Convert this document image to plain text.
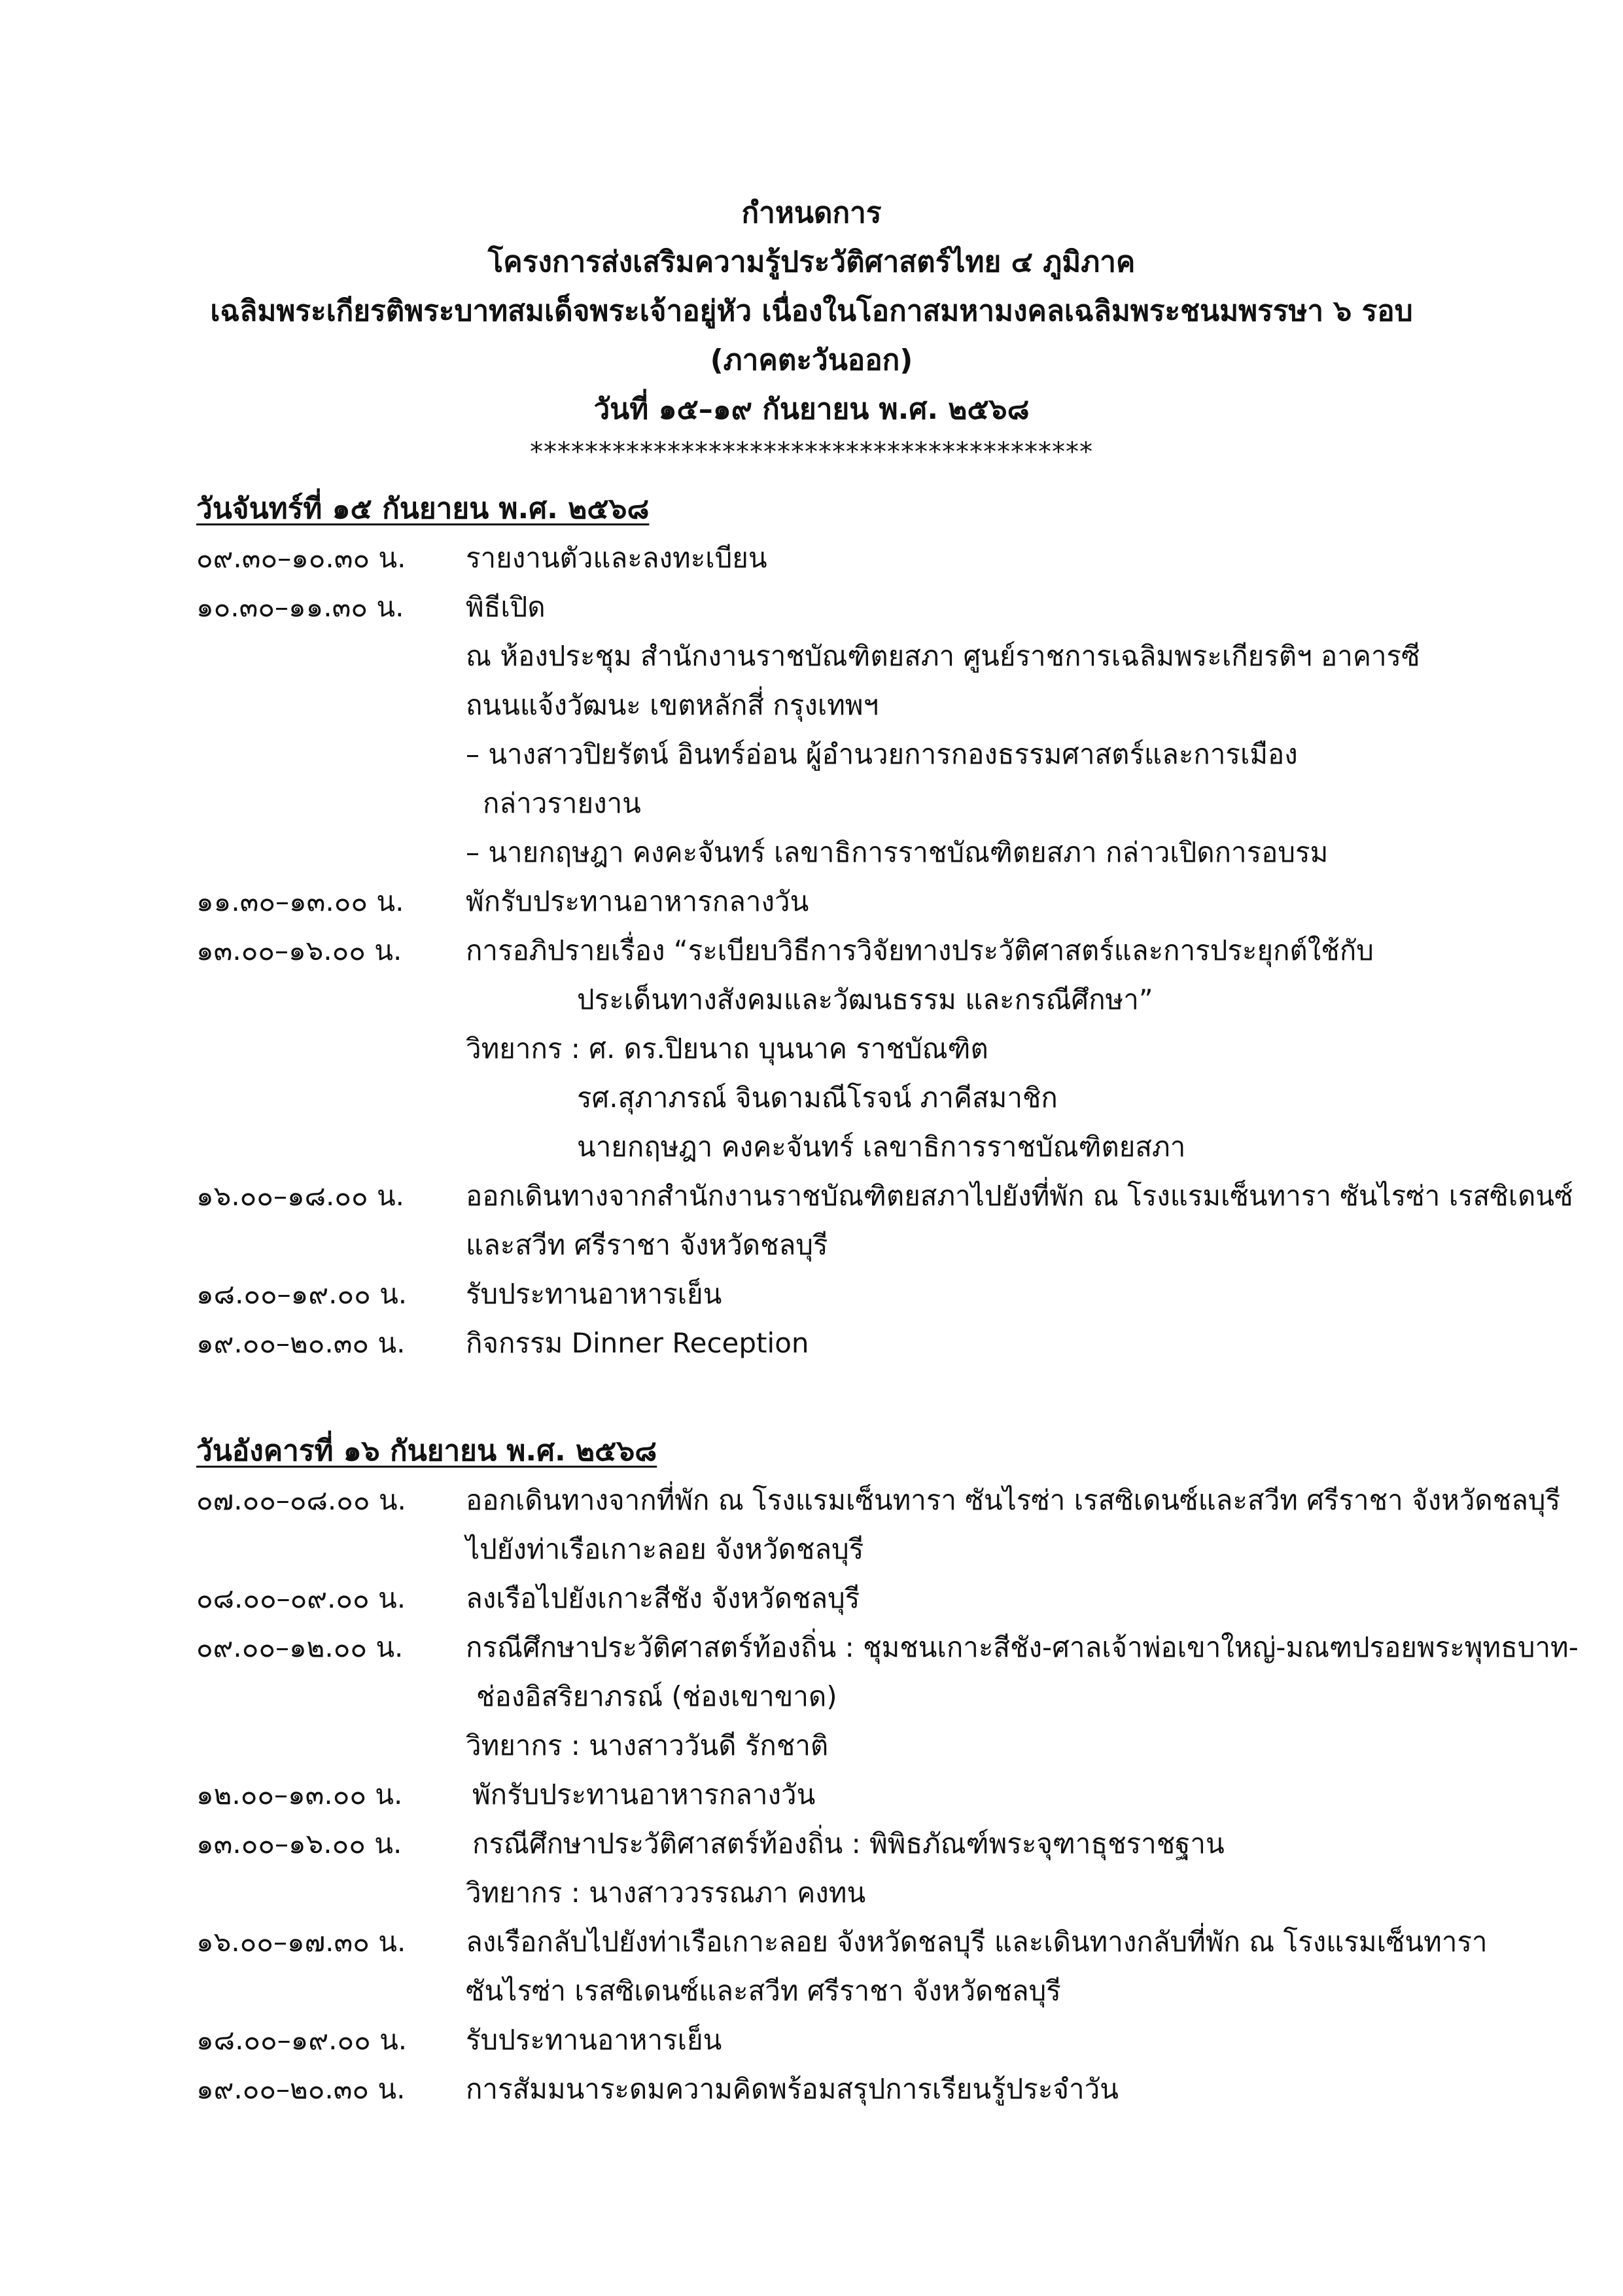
กำหนดการ
โครงการส่งเสริมความรู้ประวัติศาสตร์ไทย ๔ ภูมิภาค
เฉลิมพระเกียรติพระบาทสมเด็จพระเจ้าอยู่หัว เนื่องในโอกาสมหามงคลเฉลิมพระชนมพรรษา ๖ รอบ
(ภาคตะวันออก)
วันที่ ๑๕–๑๙ กันยายน พ.ศ. ๒๕๖๘
*****************************************
วันจันทร์ที่ ๑๕ กันยายน พ.ศ. ๒๕๖๘
๐๙.๓๐–๑๐.๓๐ น.	รายงานตัวและลงทะเบียน
๑๐.๓๐–๑๑.๓๐ น.	พิธีเปิด
ณ ห้องประชุม สำนักงานราชบัณฑิตยสภา ศูนย์ราชการเฉลิมพระเกียรติฯ อาคารซี
ถนนแจ้งวัฒนะ เขตหลักสี่ กรุงเทพฯ
– นางสาวปิยรัตน์ อินทร์อ่อน ผู้อำนวยการกองธรรมศาสตร์และการเมือง
กล่าวรายงาน
– นายกฤษฎา คงคะจันทร์ เลขาธิการราชบัณฑิตยสภา กล่าวเปิดการอบรม
๑๑.๓๐–๑๓.๐๐ น.	พักรับประทานอาหารกลางวัน
๑๓.๐๐–๑๖.๐๐ น.	การอภิปรายเรื่อง “ระเบียบวิธีการวิจัยทางประวัติศาสตร์และการประยุกต์ใช้กับ
ประเด็นทางสังคมและวัฒนธรรม และกรณีศึกษา”
วิทยากร : ศ. ดร.ปิยนาถ บุนนาค ราชบัณฑิต
รศ.สุภาภรณ์ จินดามณีโรจน์ ภาคีสมาชิก
นายกฤษฎา คงคะจันทร์ เลขาธิการราชบัณฑิตยสภา
๑๖.๐๐–๑๘.๐๐ น.	ออกเดินทางจากสำนักงานราชบัณฑิตยสภาไปยังที่พัก ณ โรงแรมเซ็นทารา ซันไรซ่า เรสซิเดนซ์
และสวีท ศรีราชา จังหวัดชลบุรี
๑๘.๐๐–๑๙.๐๐ น.	รับประทานอาหารเย็น
๑๙.๐๐–๒๐.๓๐ น.	กิจกรรม Dinner Reception
วันอังคารที่ ๑๖ กันยายน พ.ศ. ๒๕๖๘
๐๗.๐๐–๐๘.๐๐ น.	ออกเดินทางจากที่พัก ณ โรงแรมเซ็นทารา ซันไรซ่า เรสซิเดนซ์และสวีท ศรีราชา จังหวัดชลบุรี
ไปยังท่าเรือเกาะลอย จังหวัดชลบุรี
๐๘.๐๐–๐๙.๐๐ น.	ลงเรือไปยังเกาะสีชัง จังหวัดชลบุรี
๐๙.๐๐–๑๒.๐๐ น.	กรณีศึกษาประวัติศาสตร์ท้องถิ่น : ชุมชนเกาะสีชัง-ศาลเจ้าพ่อเขาใหญ่-มณฑปรอยพระพุทธบาท-
ช่องอิสริยาภรณ์ (ช่องเขาขาด)
วิทยากร : นางสาววันดี รักชาติ
๑๒.๐๐–๑๓.๐๐ น.	พักรับประทานอาหารกลางวัน
๑๓.๐๐–๑๖.๐๐ น.	กรณีศึกษาประวัติศาสตร์ท้องถิ่น : พิพิธภัณฑ์พระจุฑาธุชราชฐาน
วิทยากร : นางสาววรรณภา คงทน
๑๖.๐๐–๑๗.๓๐ น.	ลงเรือกลับไปยังท่าเรือเกาะลอย จังหวัดชลบุรี และเดินทางกลับที่พัก ณ โรงแรมเซ็นทารา
ซันไรซ่า เรสซิเดนซ์และสวีท ศรีราชา จังหวัดชลบุรี
๑๘.๐๐–๑๙.๐๐ น.	รับประทานอาหารเย็น
๑๙.๐๐–๒๐.๓๐ น.	การสัมมนาระดมความคิดพร้อมสรุปการเรียนรู้ประจำวัน
